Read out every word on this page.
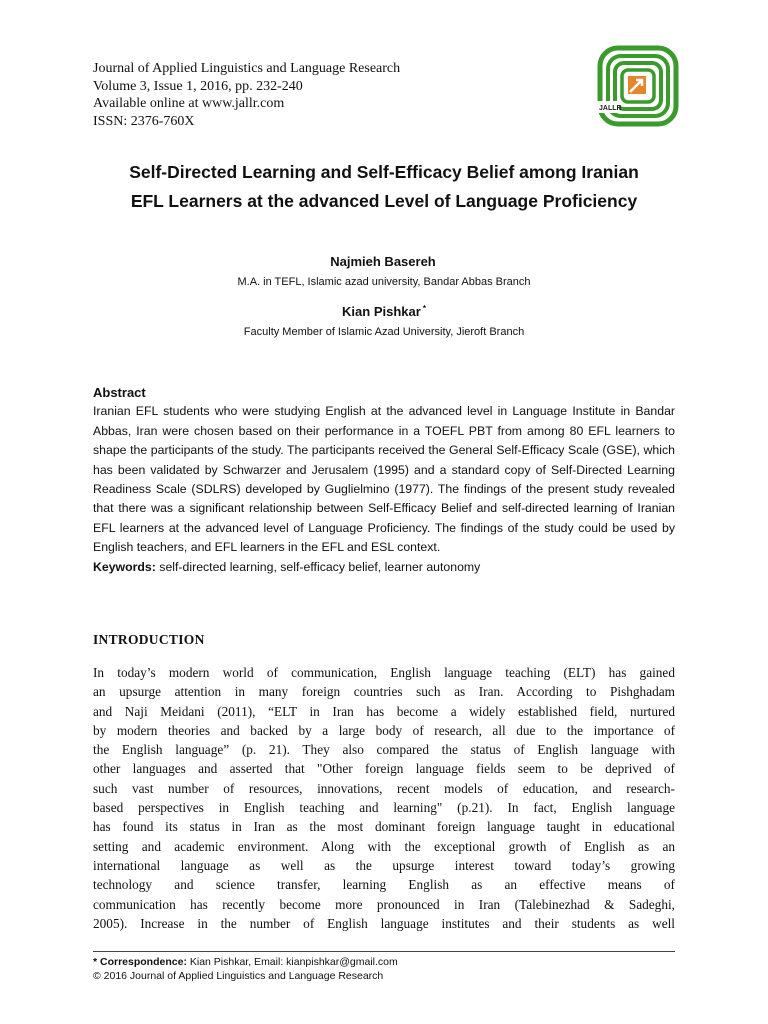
Journal of Applied Linguistics and Language Research
Volume 3, Issue 1, 2016, pp. 232-240
Available online at www.jallr.com
ISSN: 2376-760X
JALLR
Self-Directed Learning and Self-Efficacy Belief among Iranian
EFL Learners at the advanced Level of Language Proficiency
Najmieh Basereh
M.A. in TEFL, Islamic azad university, Bandar Abbas Branch
Kian Pishkar *
Faculty Member of Islamic Azad University, Jieroft Branch
Abstract
Iranian EFL students who were studying English at the advanced level in Language Institute in Bandar Abbas, Iran were chosen based on their performance in a TOEFL PBT from among 80 EFL learners to shape the participants of the study. The participants received the General Self-Efficacy Scale (GSE), which has been validated by Schwarzer and Jerusalem (1995) and a standard copy of Self-Directed Learning Readiness Scale (SDLRS) developed by Guglielmino (1977). The findings of the present study revealed that there was a significant relationship between Self-Efficacy Belief and self-directed learning of Iranian EFL learners at the advanced level of Language Proficiency. The findings of the study could be used by English teachers, and EFL learners in the EFL and ESL context.
Keywords: self-directed learning, self-efficacy belief, learner autonomy
INTRODUCTION
In today’s modern world of communication, English language teaching (ELT) has gained
an upsurge attention in many foreign countries such as Iran. According to Pishghadam
and Naji Meidani (2011), “ELT in Iran has become a widely established field, nurtured
by modern theories and backed by a large body of research, all due to the importance of
the English language” (p. 21). They also compared the status of English language with
other languages and asserted that "Other foreign language fields seem to be deprived of
such vast number of resources, innovations, recent models of education, and research-
based perspectives in English teaching and learning" (p.21). In fact, English language
has found its status in Iran as the most dominant foreign language taught in educational
setting and academic environment. Along with the exceptional growth of English as an
international language as well as the upsurge interest toward today’s growing
technology and science transfer, learning English as an effective means of
communication has recently become more pronounced in Iran (Talebinezhad & Sadeghi,
2005). Increase in the number of English language institutes and their students as well
* Correspondence: Kian Pishkar, Email: kianpishkar@gmail.com
© 2016 Journal of Applied Linguistics and Language Research
